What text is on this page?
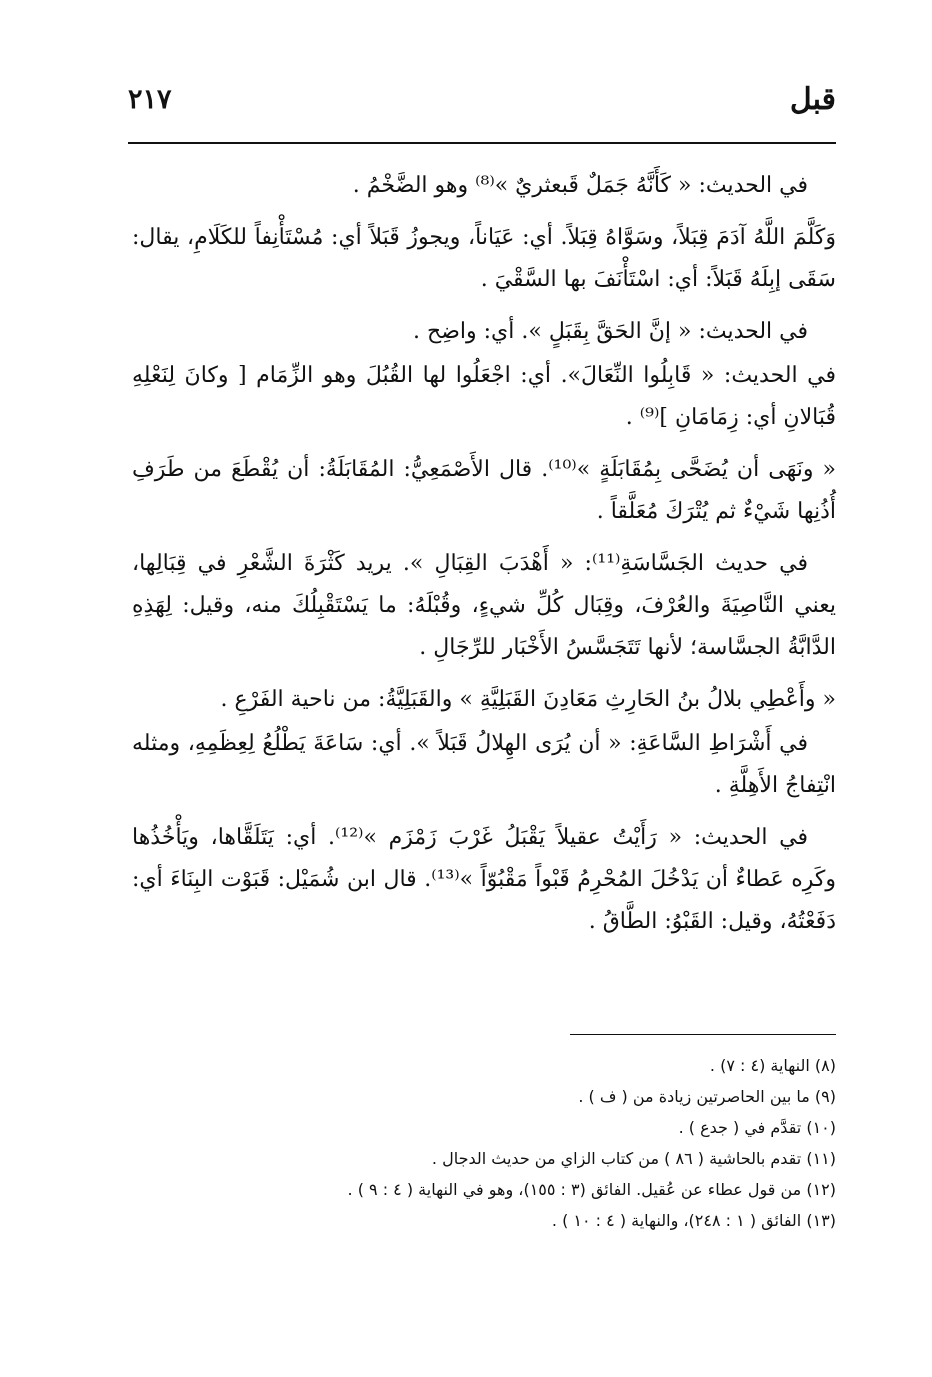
قبل
٢١٧

في الحديث: « كَأَنَّهُ جَمَلٌ قَبعثريٌ »⁽⁸⁾ وهو الضَّخْمُ .

وَكَلَّمَ اللَّهُ آدَمَ قِبَلاً، وسَوَّاهُ قِبَلاً. أي: عَيَاناً، ويجوزُ قَبَلاً أي: مُسْتَأْنِفاً للكَلَامِ، يقال: سَقَى إبِلَهُ قَبَلاً: أي: اسْتَأْنَفَ بها السَّقْيَ .

في الحديث: « إنَّ الحَقَّ بِقَبَلٍ ». أي: واضِح .

في الحديث: « قَابِلُوا النِّعَالَ». أي: اجْعَلُوا لها القُبُلَ وهو الزِّمَام [ وكانَ لِنَعْلِهِ قُبَالانِ أي: زِمَامَانِ ]⁽⁹⁾ .

« ونَهَى أن يُضَحَّى بِمُقَابَلَةٍ »⁽¹⁰⁾. قال الأَصْمَعِيُّ: المُقَابَلَةُ: أن يُقْطَعَ من طَرَفِ أُذُنِها شَيْءٌ ثم يُتْرَكَ مُعَلَّقاً .

في حديث الجَسَّاسَةِ⁽¹¹⁾: « أَهْدَبَ القِبَالِ ». يريد كَثْرَةَ الشَّعْرِ في قِبَالِها، يعني النَّاصِيَةَ والعُرْفَ، وقِبَال كُلِّ شيءٍ، وقُبْلَهُ: ما يَسْتَقْبِلُكَ منه، وقيل: لِهَذِهِ الدَّابَّةُ الجسَّاسة؛ لأنها تَتَجَسَّسُ الأَخْبَار للرِّجَالِ .

« وأَعْطِي بلالُ بنُ الحَارِثِ مَعَادِنَ القَبَلِيَّةِ » والقَبَلِيَّةُ: من ناحية الفَرْعِ .

في أَشْرَاطِ السَّاعَةِ: « أن يُرَى الهِلالُ قَبَلاً ». أي: سَاعَةَ يَطْلُعُ لِعِظَمِهِ، ومثله انْتِفاجُ الأَهِلَّةِ .

في الحديث: « رَأَيْتُ عقيلاً يَقْبَلُ غَرْبَ زَمْزَم »⁽¹²⁾. أي: يَتَلَقَّاها، ويَأْخُذُها وكَرِه عَطاءٌ أن يَدْخُلَ المُحْرِمُ قَبْواً مَقْبُوّاً »⁽¹³⁾. قال ابن شُمَيْل: قَبَوْت البِنَاءَ أي: دَفَعْتُهُ، وقيل: القَبْوُ: الطَّاقُ .

(٨) النهاية (٤ : ٧) .
(٩) ما بين الحاصرتين زيادة من ( ف ) .
(١٠) تقدَّم في ( جدع ) .
(١١) تقدم بالحاشية ( ٨٦ ) من كتاب الزاي من حديث الدجال .
(١٢) من قول عطاء عن عُقيل. الفائق (٣ : ١٥٥)، وهو في النهاية ( ٤ : ٩ ) .
(١٣) الفائق ( ١ : ٢٤٨)، والنهاية ( ٤ : ١٠ ) .
